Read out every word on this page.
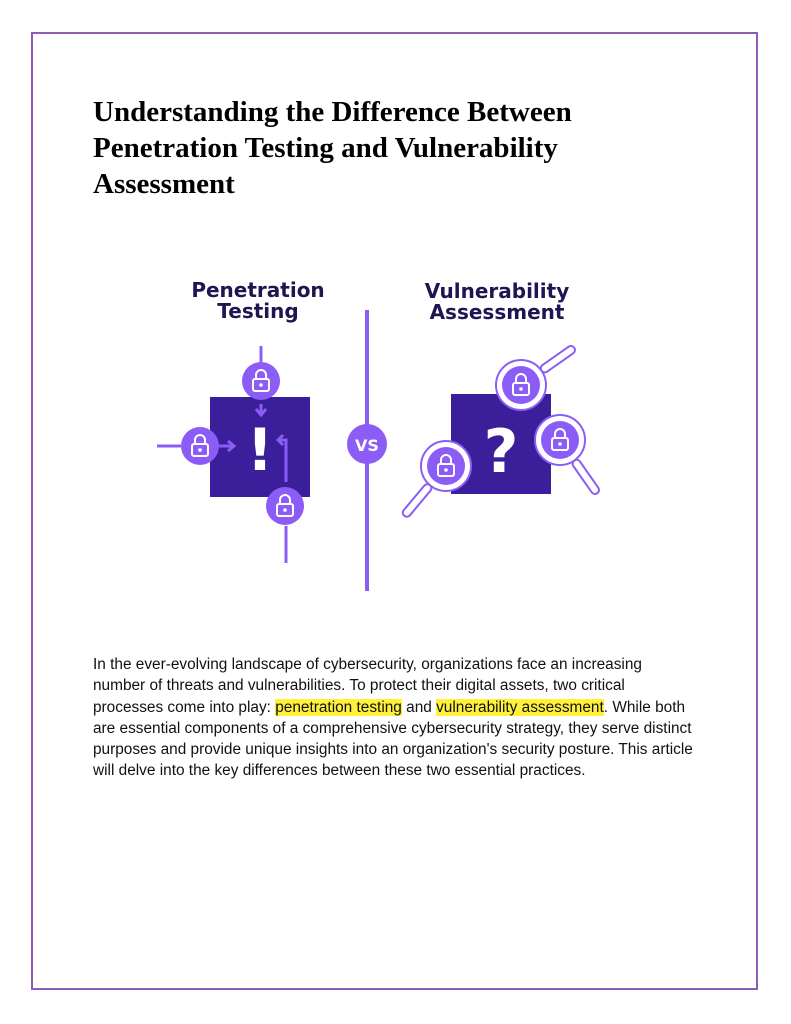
Understanding the Difference Between Penetration Testing and Vulnerability Assessment
Penetration
Testing
Vulnerability
Assessment
VS
!	?

In the ever-evolving landscape of cybersecurity, organizations face an increasing number of threats and vulnerabilities. To protect their digital assets, two critical processes come into play: penetration testing and vulnerability assessment. While both are essential components of a comprehensive cybersecurity strategy, they serve distinct purposes and provide unique insights into an organization's security posture. This article will delve into the key differences between these two essential practices.
